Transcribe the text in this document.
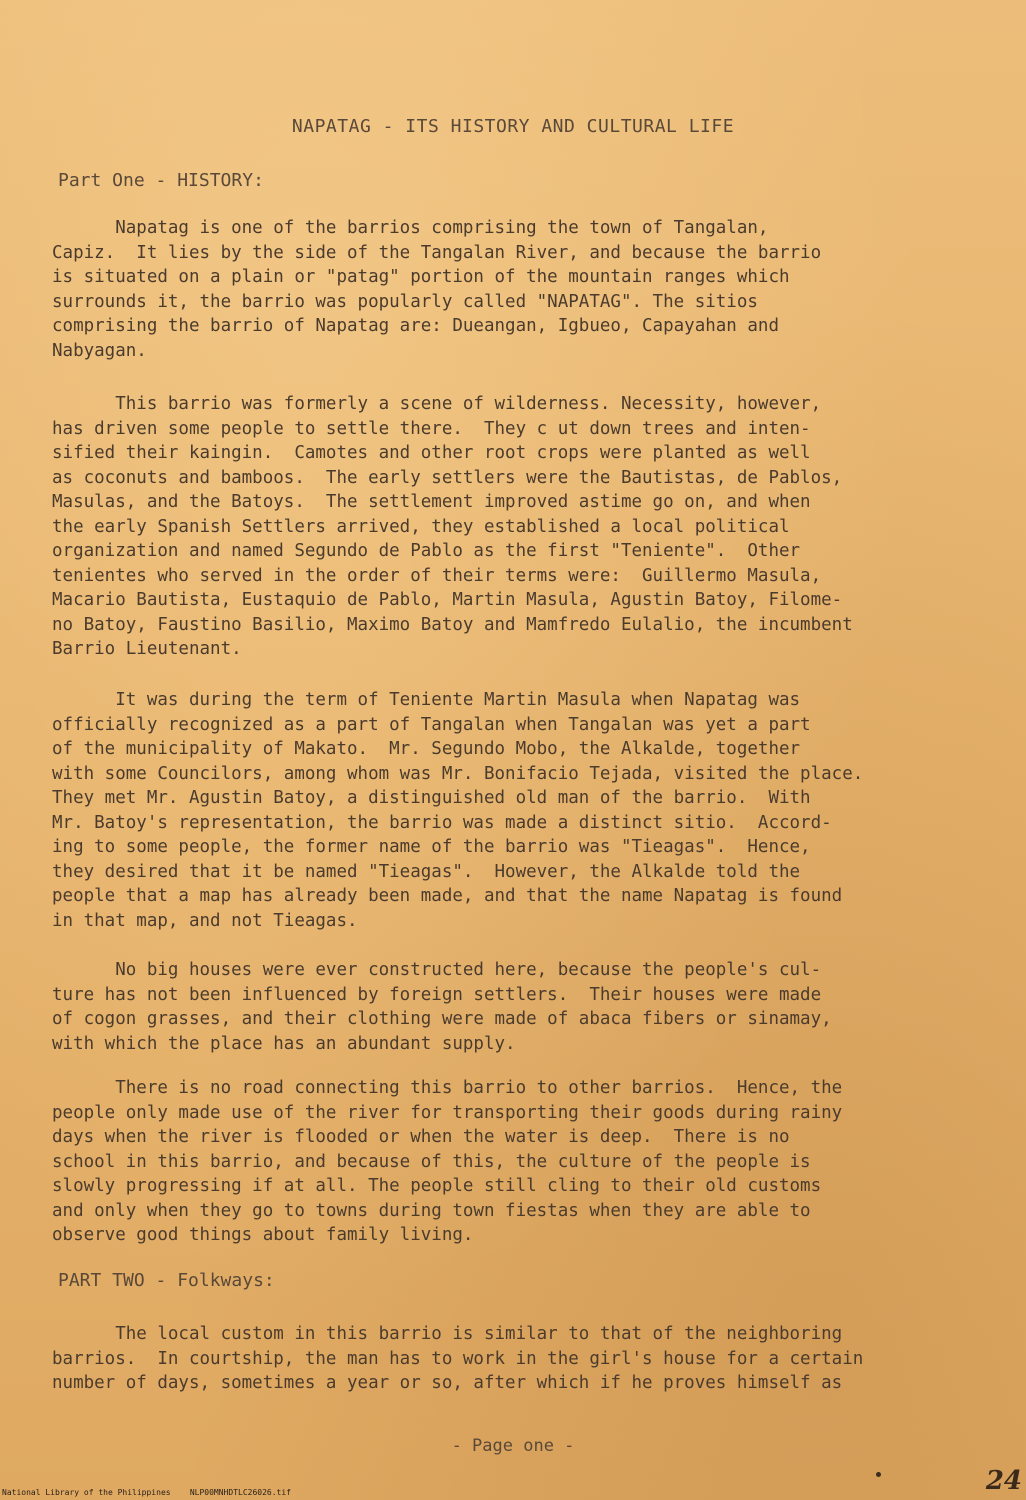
NAPATAG - ITS HISTORY AND CULTURAL LIFE
Part One - HISTORY:
Napatag is one of the barrios comprising the town of Tangalan,
Capiz.  It lies by the side of the Tangalan River, and because the barrio
is situated on a plain or "patag" portion of the mountain ranges which
surrounds it, the barrio was popularly called "NAPATAG". The sitios
comprising the barrio of Napatag are: Dueangan, Igbueo, Capayahan and
Nabyagan.
This barrio was formerly a scene of wilderness. Necessity, however,
has driven some people to settle there.  They c ut down trees and inten-
sified their kaingin.  Camotes and other root crops were planted as well
as coconuts and bamboos.  The early settlers were the Bautistas, de Pablos,
Masulas, and the Batoys.  The settlement improved astime go on, and when
the early Spanish Settlers arrived, they established a local political
organization and named Segundo de Pablo as the first "Teniente".  Other
tenientes who served in the order of their terms were:  Guillermo Masula,
Macario Bautista, Eustaquio de Pablo, Martin Masula, Agustin Batoy, Filome-
no Batoy, Faustino Basilio, Maximo Batoy and Mamfredo Eulalio, the incumbent
Barrio Lieutenant.
It was during the term of Teniente Martin Masula when Napatag was
officially recognized as a part of Tangalan when Tangalan was yet a part
of the municipality of Makato.  Mr. Segundo Mobo, the Alkalde, together
with some Councilors, among whom was Mr. Bonifacio Tejada, visited the place.
They met Mr. Agustin Batoy, a distinguished old man of the barrio.  With
Mr. Batoy's representation, the barrio was made a distinct sitio.  Accord-
ing to some people, the former name of the barrio was "Tieagas".  Hence,
they desired that it be named "Tieagas".  However, the Alkalde told the
people that a map has already been made, and that the name Napatag is found
in that map, and not Tieagas.
No big houses were ever constructed here, because the people's cul-
ture has not been influenced by foreign settlers.  Their houses were made
of cogon grasses, and their clothing were made of abaca fibers or sinamay,
with which the place has an abundant supply.
There is no road connecting this barrio to other barrios.  Hence, the
people only made use of the river for transporting their goods during rainy
days when the river is flooded or when the water is deep.  There is no
school in this barrio, and because of this, the culture of the people is
slowly progressing if at all. The people still cling to their old customs
and only when they go to towns during town fiestas when they are able to
observe good things about family living.
PART TWO - Folkways:
The local custom in this barrio is similar to that of the neighboring
barrios.  In courtship, the man has to work in the girl's house for a certain
number of days, sometimes a year or so, after which if he proves himself as
- Page one -
National Library of the Philippines    NLP00MNHDTLC26026.tif	24
